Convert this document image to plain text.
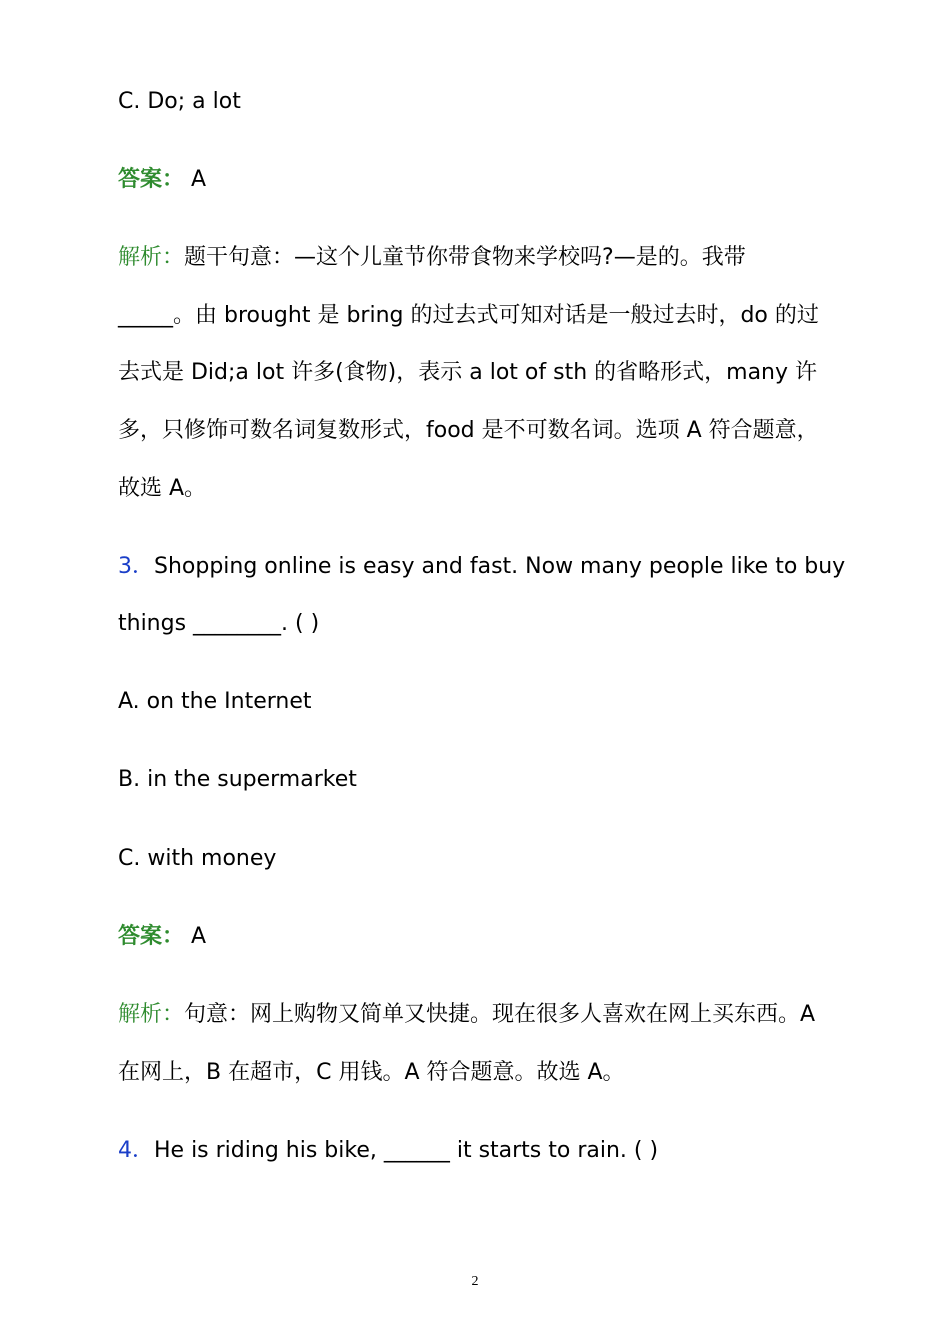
C. Do; a lot
答案： A
解析：题干句意：—这个儿童节你带食物来学校吗?—是的。我带
_____。由 brought 是 bring 的过去式可知对话是一般过去时，do 的过
去式是 Did;a lot 许多(食物)，表示 a lot of sth 的省略形式，many 许
多，只修饰可数名词复数形式，food 是不可数名词。选项 A 符合题意，
故选 A。
3．Shopping online is easy and fast. Now many people like to buy
things ________. ( )
A. on the Internet
B. in the supermarket
C. with money
答案： A
解析：句意：网上购物又简单又快捷。现在很多人喜欢在网上买东西。A
在网上，B 在超市，C 用钱。A 符合题意。故选 A。
4．He is riding his bike, ______ it starts to rain. ( )
2
